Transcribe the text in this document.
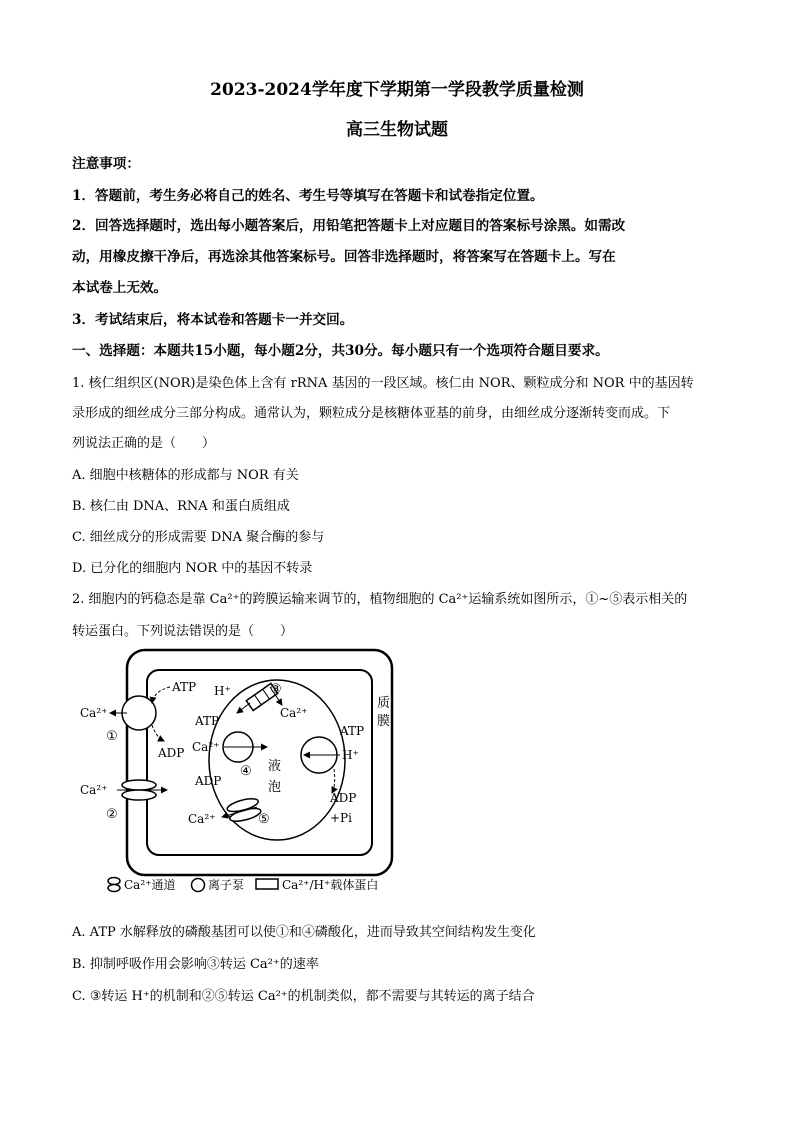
2023-2024学年度下学期第一学段教学质量检测
高三生物试题
注意事项：
1．答题前，考生务必将自己的姓名、考生号等填写在答题卡和试卷指定位置。
2．回答选择题时，选出每小题答案后，用铅笔把答题卡上对应题目的答案标号涂黑。如需改
动，用橡皮擦干净后，再选涂其他答案标号。回答非选择题时，将答案写在答题卡上。写在
本试卷上无效。
3．考试结束后，将本试卷和答题卡一并交回。
一、选择题：本题共15小题，每小题2分，共30分。每小题只有一个选项符合题目要求。
1. 核仁组织区(NOR)是染色体上含有 rRNA 基因的一段区域。核仁由 NOR、颗粒成分和 NOR 中的基因转
录形成的细丝成分三部分构成。通常认为，颗粒成分是核糖体亚基的前身，由细丝成分逐渐转变而成。下
列说法正确的是（　　）
A. 细胞中核糖体的形成都与 NOR 有关
B. 核仁由 DNA、RNA 和蛋白质组成
C. 细丝成分的形成需要 DNA 聚合酶的参与
D. 已分化的细胞内 NOR 中的基因不转录
2. 细胞内的钙稳态是靠 Ca²⁺的跨膜运输来调节的，植物细胞的 Ca²⁺运输系统如图所示，①~⑤表示相关的
转运蛋白。下列说法错误的是（　　）
质
膜
液
泡
Ca²⁺
①
ATP
ADP
Ca²⁺
②
H⁺
Ca²⁺
③
Ca²⁺
ATP
ADP
④
Ca²⁺	⑤
H⁺
ATP
ADP
+Pi
Ca²⁺通道	离子泵	Ca²⁺/H⁺载体蛋白
A. ATP 水解释放的磷酸基团可以使①和④磷酸化，进而导致其空间结构发生变化
B. 抑制呼吸作用会影响③转运 Ca²⁺的速率
C. ③转运 H⁺的机制和②⑤转运 Ca²⁺的机制类似，都不需要与其转运的离子结合
